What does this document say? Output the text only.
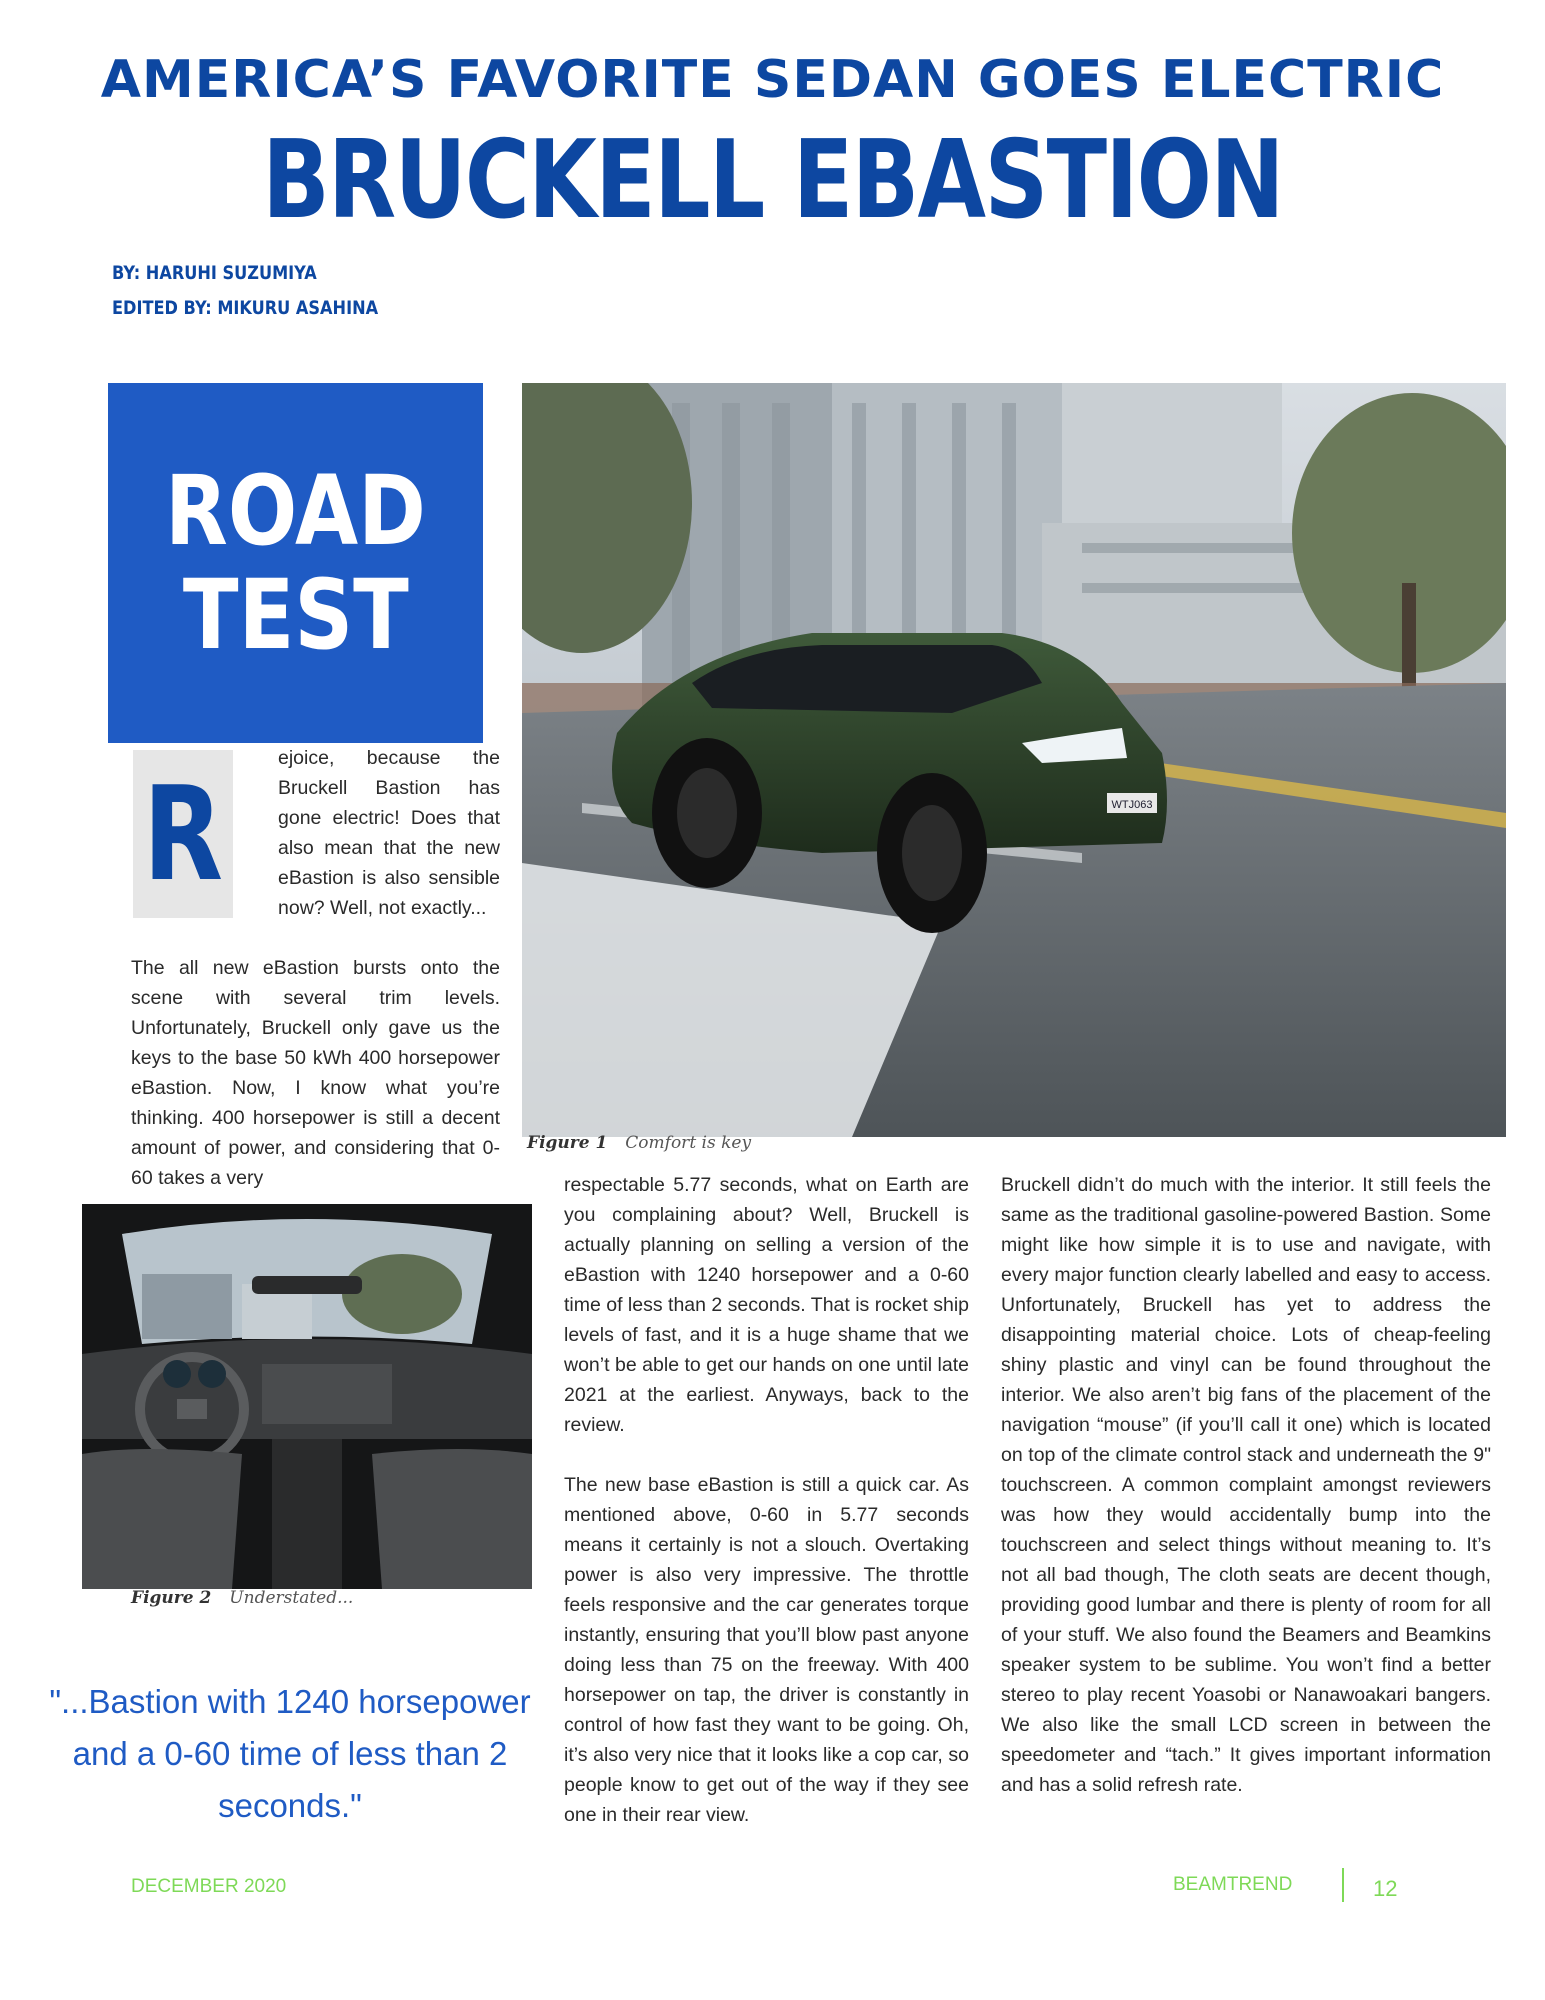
AMERICA’S FAVORITE SEDAN GOES ELECTRIC
BRUCKELL EBASTION
BY: HARUHI SUZUMIYA
EDITED BY: MIKURU ASAHINA
ROAD
TEST
WTJ063
Figure 1 Comfort is key
R	ejoice, because the Bruckell Bastion has gone electric! Does that also mean that the new eBastion is also sensible now? Well, not exactly...

The all new eBastion bursts onto the scene with several trim levels. Unfortunately, Bruckell only gave us the keys to the base 50 kWh 400 horsepower eBastion. Now, I know what you’re thinking. 400 horsepower is still a decent amount of power, and considering that 0-60 takes a very

Figure 2 Understated...
"...Bastion with 1240 horsepower and a 0-60 time of less than 2 seconds."

respectable 5.77 seconds, what on Earth are you complaining about? Well, Bruckell is actually planning on selling a version of the eBastion with 1240 horsepower and a 0-60 time of less than 2 seconds. That is rocket ship levels of fast, and it is a huge shame that we won’t be able to get our hands on one until late 2021 at the earliest. Anyways, back to the review.

The new base eBastion is still a quick car. As mentioned above, 0-60 in 5.77 seconds means it certainly is not a slouch. Overtaking power is also very impressive. The throttle feels responsive and the car generates torque instantly, ensuring that you’ll blow past anyone doing less than 75 on the freeway. With 400 horsepower on tap, the driver is constantly in control of how fast they want to be going. Oh, it’s also very nice that it looks like a cop car, so people know to get out of the way if they see one in their rear view.

Bruckell didn’t do much with the interior. It still feels the same as the traditional gasoline-powered Bastion. Some might like how simple it is to use and navigate, with every major function clearly labelled and easy to access. Unfortunately, Bruckell has yet to address the disappointing material choice. Lots of cheap-feeling shiny plastic and vinyl can be found throughout the interior. We also aren’t big fans of the placement of the navigation “mouse” (if you’ll call it one) which is located on top of the climate control stack and underneath the 9" touchscreen. A common complaint amongst reviewers was how they would accidentally bump into the touchscreen and select things without meaning to. It’s not all bad though, The cloth seats are decent though, providing good lumbar and there is plenty of room for all of your stuff. We also found the Beamers and Beamkins speaker system to be sublime. You won’t find a better stereo to play recent Yoasobi or Nanawoakari bangers. We also like the small LCD screen in between the speedometer and “tach.” It gives important information and has a solid refresh rate.

DECEMBER 2020	BEAMTREND	12
